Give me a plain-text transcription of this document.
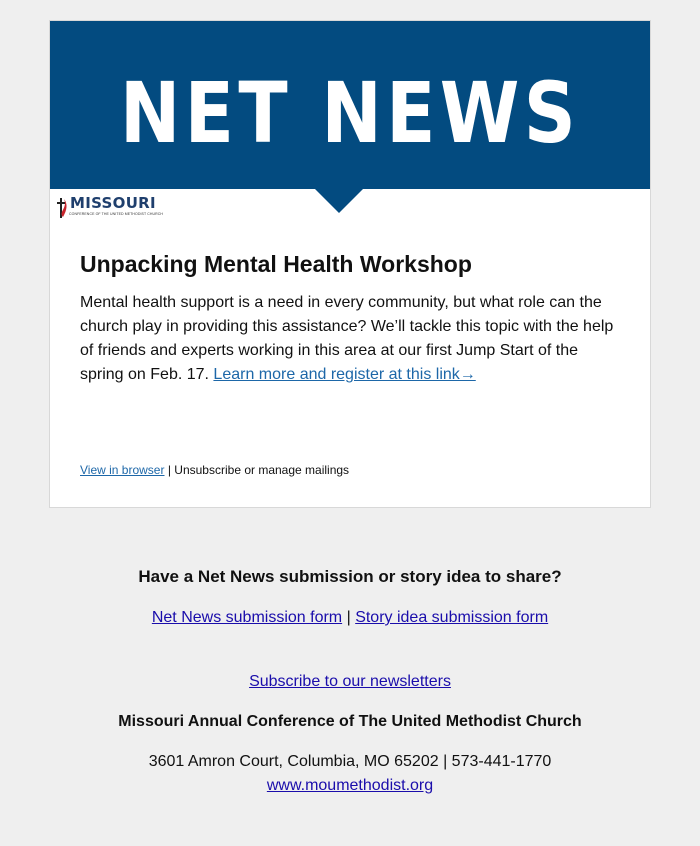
NET NEWS
MISSOURI
CONFERENCE OF THE UNITED METHODIST CHURCH
Unpacking Mental Health Workshop

Mental health support is a need in every community, but what role can the church play in providing this assistance? We’ll tackle this topic with the help of friends and experts working in this area at our first Jump Start of the spring on Feb. 17. Learn more and register at this link→

View in browser | Unsubscribe or manage mailings
Have a Net News submission or story idea to share?
Net News submission form | Story idea submission form
Subscribe to our newsletters
Missouri Annual Conference of The United Methodist Church
3601 Amron Court, Columbia, MO 65202 | 573-441-1770
www.moumethodist.org
